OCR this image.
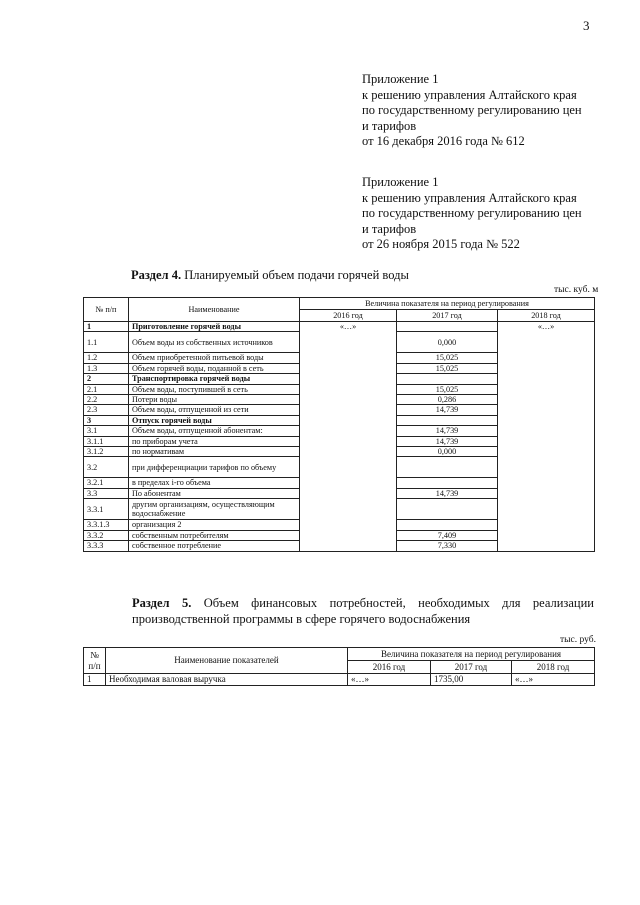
3
Приложение 1
к решению управления Алтайского края
по государственному регулированию цен
и тарифов
от 16 декабря 2016 года № 612
Приложение 1
к решению управления Алтайского края
по государственному регулированию цен
и тарифов
от 26 ноября 2015 года № 522
Раздел 4. Планируемый объем подачи горячей воды
тыс. куб. м
№ п/п	Наименование	Величина показателя на период регулирования		
		2016 год	2017 год	2018 год
1	Приготовление горячей воды	«…»		«…»
1.1	Объем воды из собственных источников		0,000	
1.2	Объем приобретенной питьевой воды		15,025	
1.3	Объем горячей воды, поданной в сеть		15,025	
2	Транспортировка горячей воды			
2.1	Объем воды, поступившей в сеть		15,025	
2.2	Потери воды		0,286	
2.3	Объем воды, отпущенной из сети		14,739	
3	Отпуск горячей воды			
3.1	Объем воды, отпущенной абонентам:		14,739	
3.1.1	по приборам учета		14,739	
3.1.2	по нормативам		0,000	
3.2	при дифференциации тарифов по объему			
3.2.1	в пределах i-го объема			
3.3	По абонентам		14,739	
3.3.1	другим организациям, осуществляющим водоснабжение			
3.3.1.3	организация 2			
3.3.2	собственным потребителям		7,409	
3.3.3	собственное потребление		7,330	
Раздел 5. Объем финансовых потребностей, необходимых для реализации производственной программы в сфере горячего водоснабжения
тыс. руб.
№ п/п	Наименование показателей	Величина показателя на период регулирования		
		2016 год	2017 год	2018 год
1	Необходимая валовая выручка	«…»	1735,00	«…»
